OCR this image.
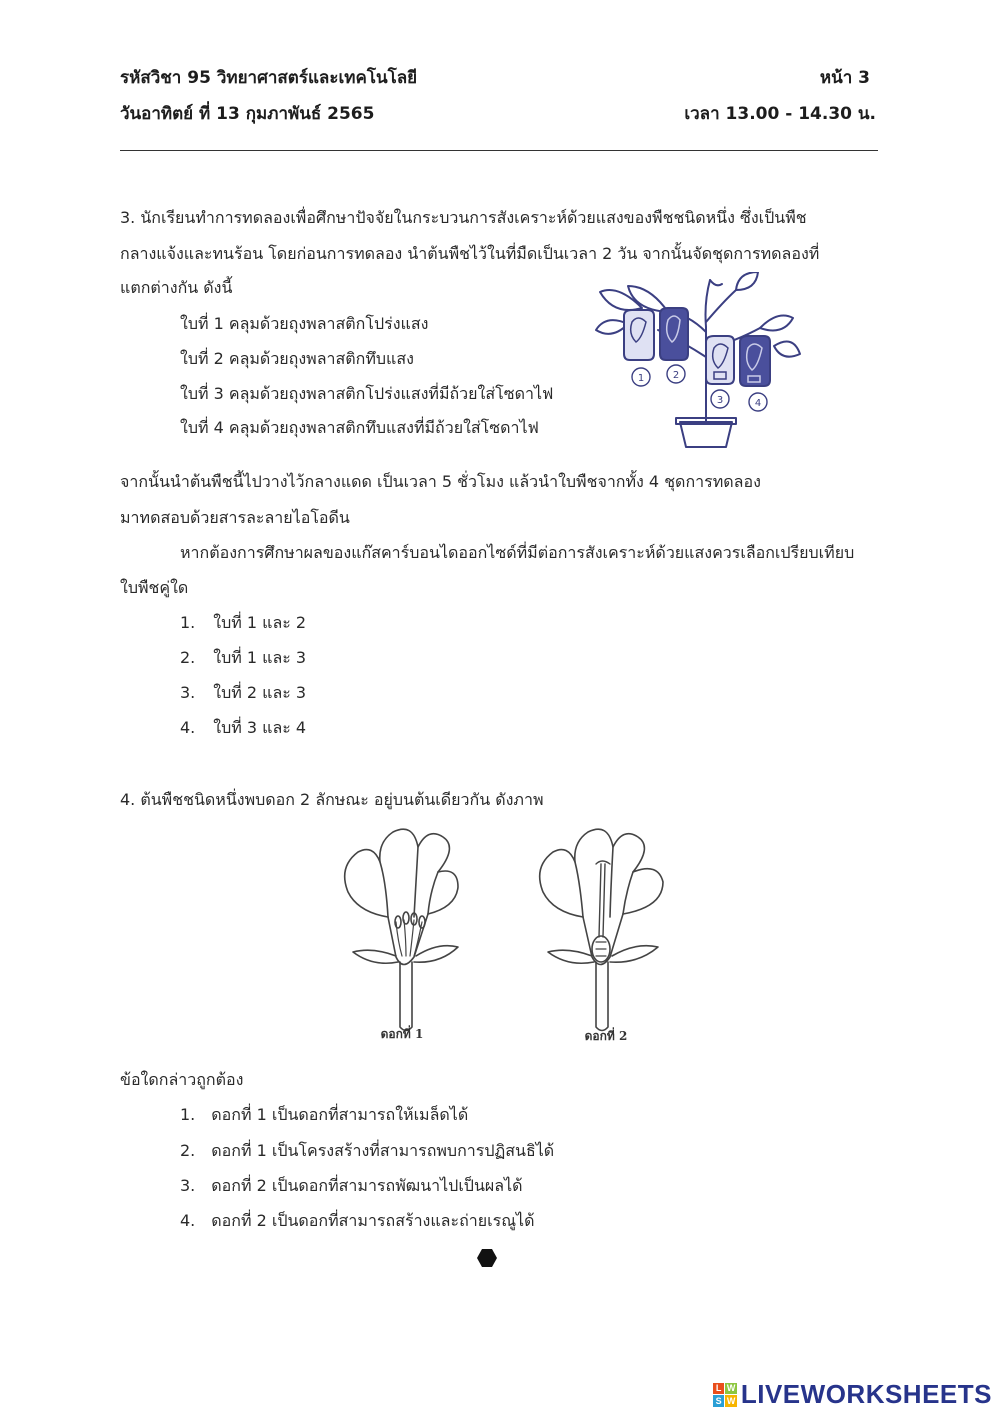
รหัสวิชา 95 วิทยาศาสตร์และเทคโนโลยี	หน้า 3
วันอาทิตย์ ที่ 13 กุมภาพันธ์ 2565	เวลา 13.00 - 14.30 น.
3. นักเรียนทำการทดลองเพื่อศึกษาปัจจัยในกระบวนการสังเคราะห์ด้วยแสงของพืชชนิดหนึ่ง ซึ่งเป็นพืช
กลางแจ้งและทนร้อน โดยก่อนการทดลอง นำต้นพืชไว้ในที่มืดเป็นเวลา 2 วัน จากนั้นจัดชุดการทดลองที่
แตกต่างกัน ดังนี้
ใบที่ 1 คลุมด้วยถุงพลาสติกโปร่งแสง
ใบที่ 2 คลุมด้วยถุงพลาสติกทึบแสง
ใบที่ 3 คลุมด้วยถุงพลาสติกโปร่งแสงที่มีถ้วยใส่โซดาไฟ
ใบที่ 4 คลุมด้วยถุงพลาสติกทึบแสงที่มีถ้วยใส่โซดาไฟ
1	2
3	4
จากนั้นนำต้นพืชนี้ไปวางไว้กลางแดด เป็นเวลา 5 ชั่วโมง แล้วนำใบพืชจากทั้ง 4 ชุดการทดลอง
มาทดสอบด้วยสารละลายไอโอดีน
หากต้องการศึกษาผลของแก๊สคาร์บอนไดออกไซด์ที่มีต่อการสังเคราะห์ด้วยแสงควรเลือกเปรียบเทียบ
ใบพืชคู่ใด
1. ใบที่ 1 และ 2
2. ใบที่ 1 และ 3
3. ใบที่ 2 และ 3
4. ใบที่ 3 และ 4
4. ต้นพืชชนิดหนึ่งพบดอก 2 ลักษณะ อยู่บนต้นเดียวกัน ดังภาพ
ดอกที่ 1	ดอกที่ 2
ข้อใดกล่าวถูกต้อง
1. ดอกที่ 1 เป็นดอกที่สามารถให้เมล็ดได้
2. ดอกที่ 1 เป็นโครงสร้างที่สามารถพบการปฏิสนธิได้
3. ดอกที่ 2 เป็นดอกที่สามารถพัฒนาไปเป็นผลได้
4. ดอกที่ 2 เป็นดอกที่สามารถสร้างและถ่ายเรณูได้
L W
S W LIVEWORKSHEETS
